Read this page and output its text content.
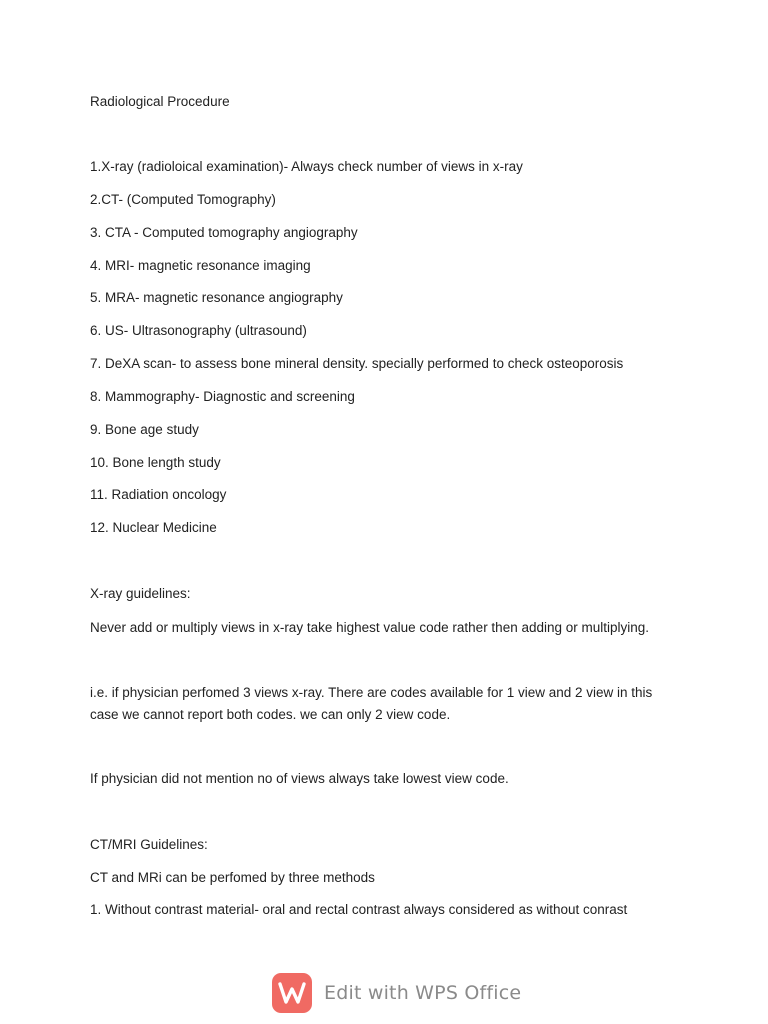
Radiological Procedure
1.X-ray (radioloical examination)- Always check number of views in x-ray
2.CT- (Computed Tomography)
3. CTA - Computed tomography angiography
4. MRI- magnetic resonance imaging
5. MRA- magnetic resonance angiography
6. US- Ultrasonography (ultrasound)
7. DeXA scan- to assess bone mineral density. specially performed to check osteoporosis
8. Mammography- Diagnostic and screening
9. Bone age study
10. Bone length study
11. Radiation oncology
12. Nuclear Medicine
X-ray guidelines:
Never add or multiply views in x-ray take highest value code rather then adding or multiplying.
i.e. if physician perfomed 3 views x-ray. There are codes available for 1 view and 2 view in this case we cannot report both codes. we can only 2 view code.
If physician did not mention no of views always take lowest view code.
CT/MRI Guidelines:
CT and MRi can be perfomed by three methods
1. Without contrast material- oral and rectal contrast always considered as without conrast
Edit with WPS Office
